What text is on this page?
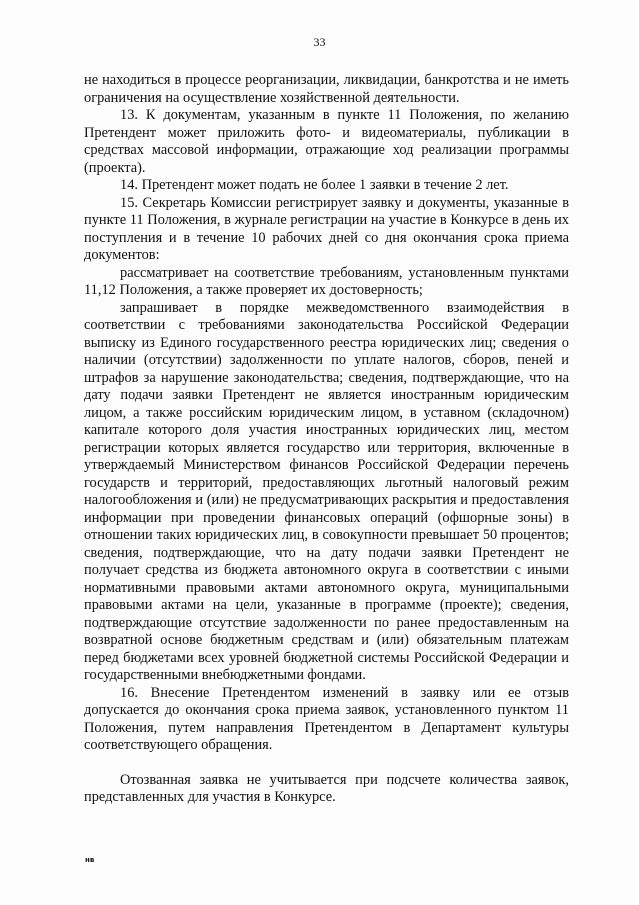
33

не находиться в процессе реорганизации, ликвидации, банкротства и не иметь ограничения на осуществление хозяйственной деятельности.

13. К документам, указанным в пункте 11 Положения, по желанию Претендент может приложить фото- и видеоматериалы, публикации в средствах массовой информации, отражающие ход реализации программы (проекта).

14. Претендент может подать не более 1 заявки в течение 2 лет.

15. Секретарь Комиссии регистрирует заявку и документы, указанные в пункте 11 Положения, в журнале регистрации на участие в Конкурсе в день их поступления и в течение 10 рабочих дней со дня окончания срока приема документов:

рассматривает на соответствие требованиям, установленным пунктами 11,12 Положения, а также проверяет их достоверность;

запрашивает в порядке межведомственного взаимодействия в соответствии с требованиями законодательства Российской Федерации выписку из Единого государственного реестра юридических лиц; сведения о наличии (отсутствии) задолженности по уплате налогов, сборов, пеней и штрафов за нарушение законодательства; сведения, подтверждающие, что на дату подачи заявки Претендент не является иностранным юридическим лицом, а также российским юридическим лицом, в уставном (складочном) капитале которого доля участия иностранных юридических лиц, местом регистрации которых является государство или территория, включенные в утверждаемый Министерством финансов Российской Федерации перечень государств и территорий, предоставляющих льготный налоговый режим налогообложения и (или) не предусматривающих раскрытия и предоставления информации при проведении финансовых операций (офшорные зоны) в отношении таких юридических лиц, в совокупности превышает 50 процентов; сведения, подтверждающие, что на дату подачи заявки Претендент не получает средства из бюджета автономного округа в соответствии с иными нормативными правовыми актами автономного округа, муниципальными правовыми актами на цели, указанные в программе (проекте); сведения, подтверждающие отсутствие задолженности по ранее предоставленным на возвратной основе бюджетным средствам и (или) обязательным платежам перед бюджетами всех уровней бюджетной системы Российской Федерации и государственными внебюджетными фондами.

16. Внесение Претендентом изменений в заявку или ее отзыв допускается до окончания срока приема заявок, установленного пунктом 11 Положения, путем направления Претендентом в Департамент культуры соответствующего обращения.

Отозванная заявка не учитывается при подсчете количества заявок, представленных для участия в Конкурсе.

нв
